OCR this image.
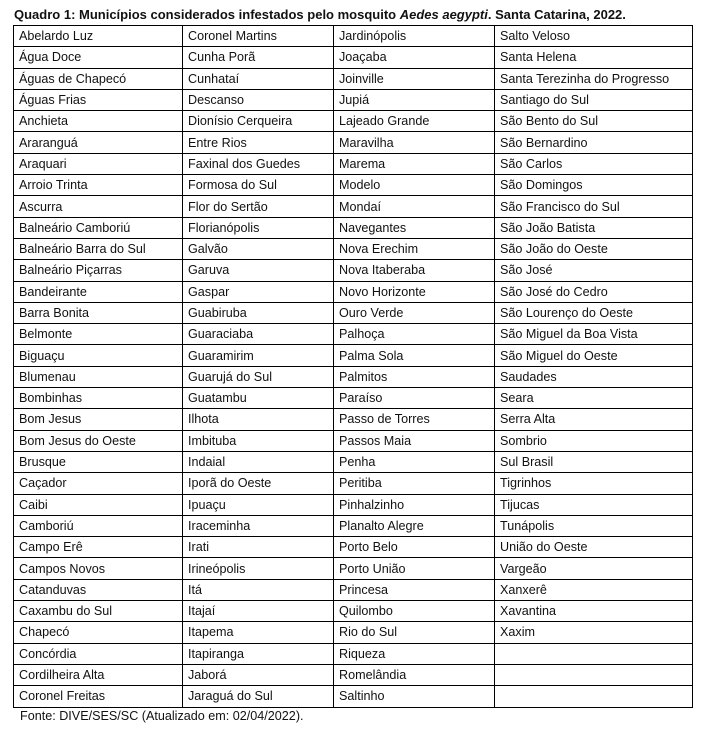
Quadro 1: Municípios considerados infestados pelo mosquito Aedes aegypti. Santa Catarina, 2022.
Abelardo Luz	Coronel Martins	Jardinópolis	Salto Veloso
Água Doce	Cunha Porã	Joaçaba	Santa Helena
Águas de Chapecó	Cunhataí	Joinville	Santa Terezinha do Progresso
Águas Frias	Descanso	Jupiá	Santiago do Sul
Anchieta	Dionísio Cerqueira	Lajeado Grande	São Bento do Sul
Araranguá	Entre Rios	Maravilha	São Bernardino
Araquari	Faxinal dos Guedes	Marema	São Carlos
Arroio Trinta	Formosa do Sul	Modelo	São Domingos
Ascurra	Flor do Sertão	Mondaí	São Francisco do Sul
Balneário Camboriú	Florianópolis	Navegantes	São João Batista
Balneário Barra do Sul	Galvão	Nova Erechim	São João do Oeste
Balneário Piçarras	Garuva	Nova Itaberaba	São José
Bandeirante	Gaspar	Novo Horizonte	São José do Cedro
Barra Bonita	Guabiruba	Ouro Verde	São Lourenço do Oeste
Belmonte	Guaraciaba	Palhoça	São Miguel da Boa Vista
Biguaçu	Guaramirim	Palma Sola	São Miguel do Oeste
Blumenau	Guarujá do Sul	Palmitos	Saudades
Bombinhas	Guatambu	Paraíso	Seara
Bom Jesus	Ilhota	Passo de Torres	Serra Alta
Bom Jesus do Oeste	Imbituba	Passos Maia	Sombrio
Brusque	Indaial	Penha	Sul Brasil
Caçador	Iporã do Oeste	Peritiba	Tigrinhos
Caibi	Ipuaçu	Pinhalzinho	Tijucas
Camboriú	Iraceminha	Planalto Alegre	Tunápolis
Campo Erê	Irati	Porto Belo	União do Oeste
Campos Novos	Irineópolis	Porto União	Vargeão
Catanduvas	Itá	Princesa	Xanxerê
Caxambu do Sul	Itajaí	Quilombo	Xavantina
Chapecó	Itapema	Rio do Sul	Xaxim
Concórdia	Itapiranga	Riqueza	
Cordilheira Alta	Jaborá	Romelândia	
Coronel Freitas	Jaraguá do Sul	Saltinho	
Fonte: DIVE/SES/SC (Atualizado em: 02/04/2022).
